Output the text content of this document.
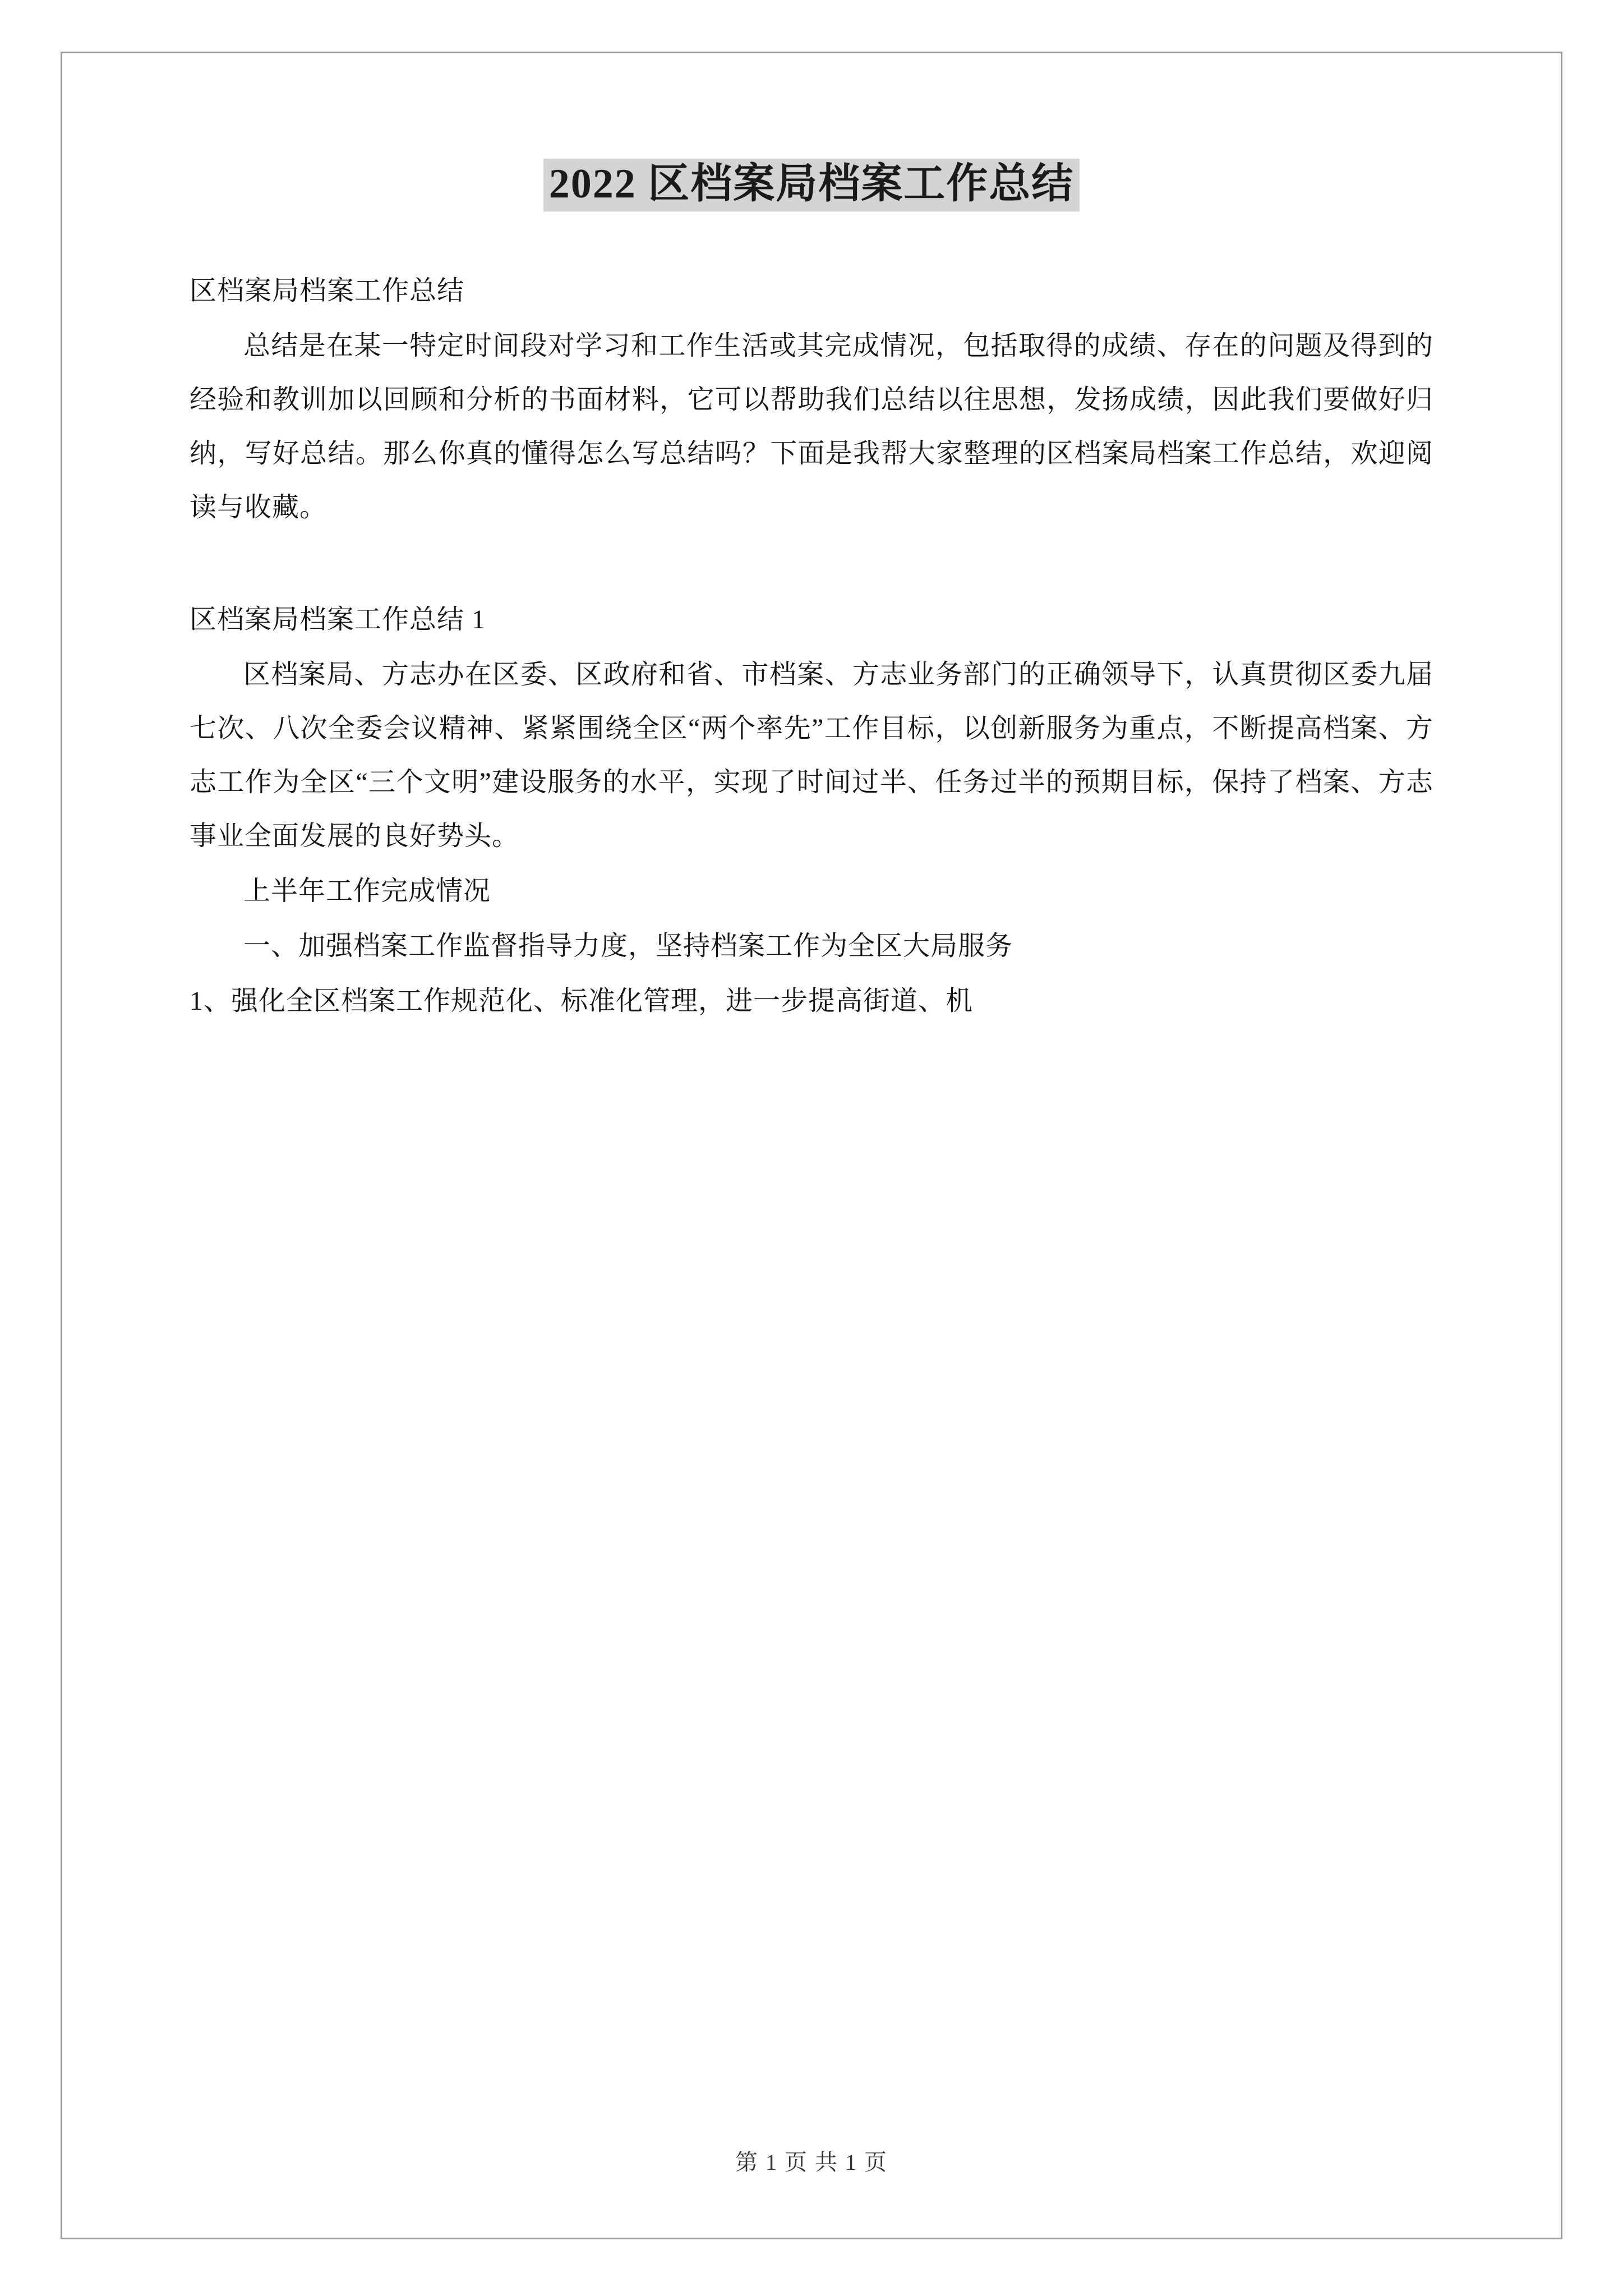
2022 区档案局档案工作总结

区档案局档案工作总结

总结是在某一特定时间段对学习和工作生活或其完成情况，包括取得的成绩、存在的问题及得到的经验和教训加以回顾和分析的书面材料，它可以帮助我们总结以往思想，发扬成绩，因此我们要做好归纳，写好总结。那么你真的懂得怎么写总结吗？下面是我帮大家整理的区档案局档案工作总结，欢迎阅读与收藏。

区档案局档案工作总结 1

区档案局、方志办在区委、区政府和省、市档案、方志业务部门的正确领导下，认真贯彻区委九届七次、八次全委会议精神、紧紧围绕全区“两个率先”工作目标，以创新服务为重点，不断提高档案、方志工作为全区“三个文明”建设服务的水平，实现了时间过半、任务过半的预期目标，保持了档案、方志事业全面发展的良好势头。

上半年工作完成情况

一、加强档案工作监督指导力度，坚持档案工作为全区大局服务

1、强化全区档案工作规范化、标准化管理，进一步提高街道、机

第 1 页 共 1 页
